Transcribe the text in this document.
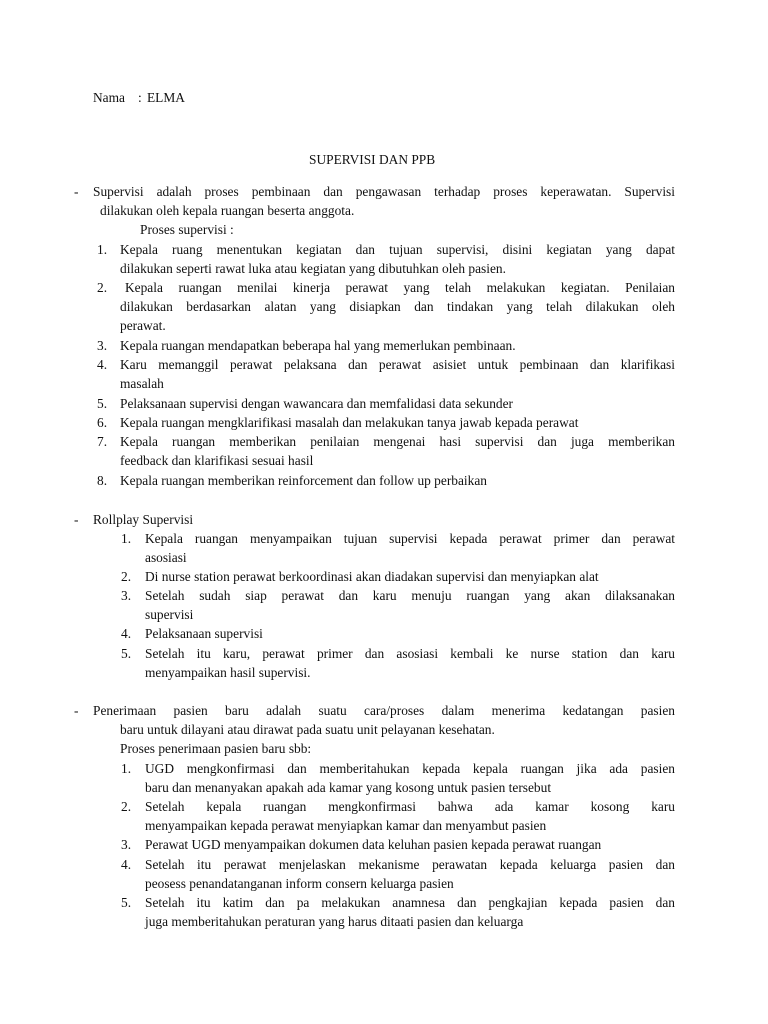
Nama : ELMA
SUPERVISI DAN PPB
- Supervisi adalah proses pembinaan dan pengawasan terhadap proses keperawatan. Supervisi
dilakukan oleh kepala ruangan beserta anggota.
Proses supervisi :
1. Kepala ruang menentukan kegiatan dan tujuan supervisi, disini kegiatan yang dapat
dilakukan seperti rawat luka atau kegiatan yang dibutuhkan oleh pasien.
2. Kepala ruangan menilai kinerja perawat yang telah melakukan kegiatan. Penilaian
dilakukan berdasarkan alatan yang disiapkan dan tindakan yang telah dilakukan oleh
perawat.
3. Kepala ruangan mendapatkan beberapa hal yang memerlukan pembinaan.
4. Karu memanggil perawat pelaksana dan perawat asisiet untuk pembinaan dan klarifikasi
masalah
5. Pelaksanaan supervisi dengan wawancara dan memfalidasi data sekunder
6. Kepala ruangan mengklarifikasi masalah dan melakukan tanya jawab kepada perawat
7. Kepala ruangan memberikan penilaian mengenai hasi supervisi dan juga memberikan
feedback dan klarifikasi sesuai hasil
8. Kepala ruangan memberikan reinforcement dan follow up perbaikan
- Rollplay Supervisi
1. Kepala ruangan menyampaikan tujuan supervisi kepada perawat primer dan perawat
asosiasi
2. Di nurse station perawat berkoordinasi akan diadakan supervisi dan menyiapkan alat
3. Setelah sudah siap perawat dan karu menuju ruangan yang akan dilaksanakan
supervisi
4. Pelaksanaan supervisi
5. Setelah itu karu, perawat primer dan asosiasi kembali ke nurse station dan karu
menyampaikan hasil supervisi.
- Penerimaan pasien baru adalah suatu cara/proses dalam menerima kedatangan pasien
baru untuk dilayani atau dirawat pada suatu unit pelayanan kesehatan.
Proses penerimaan pasien baru sbb:
1. UGD mengkonfirmasi dan memberitahukan kepada kepala ruangan jika ada pasien
baru dan menanyakan apakah ada kamar yang kosong untuk pasien tersebut
2. Setelah kepala ruangan mengkonfirmasi bahwa ada kamar kosong karu
menyampaikan kepada perawat menyiapkan kamar dan menyambut pasien
3. Perawat UGD menyampaikan dokumen data keluhan pasien kepada perawat ruangan
4. Setelah itu perawat menjelaskan mekanisme perawatan kepada keluarga pasien dan
peosess penandatanganan inform consern keluarga pasien
5. Setelah itu katim dan pa melakukan anamnesa dan pengkajian kepada pasien dan
juga memberitahukan peraturan yang harus ditaati pasien dan keluarga
